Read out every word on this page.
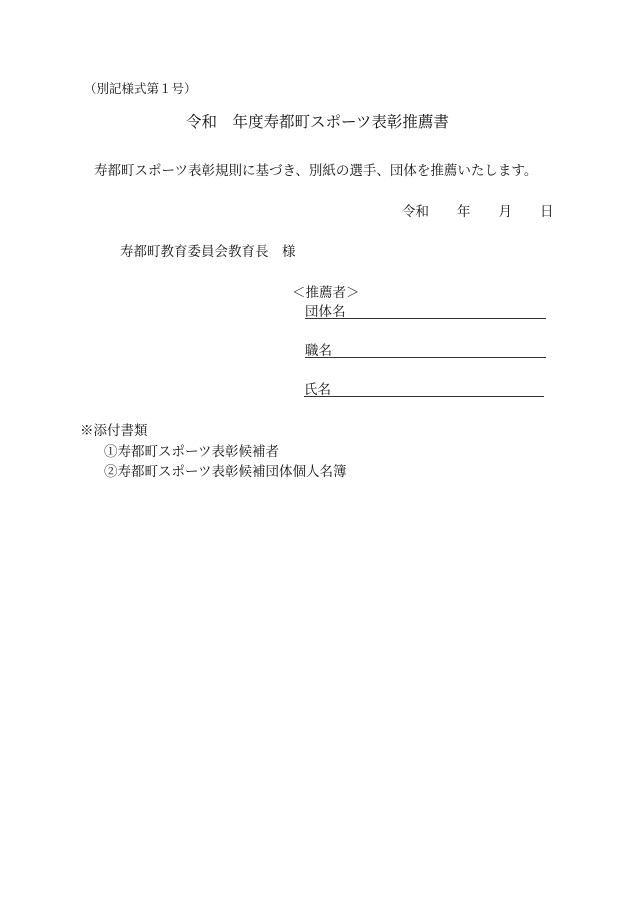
（別記様式第１号）
令和　年度寿都町スポーツ表彰推薦書
寿都町スポーツ表彰規則に基づき、別紙の選手、団体を推薦いたします。
令和 年 月 日
寿都町教育委員会教育長　様
＜推薦者＞
団体名
職名
氏名
※添付書類
①寿都町スポーツ表彰候補者
②寿都町スポーツ表彰候補団体個人名簿
